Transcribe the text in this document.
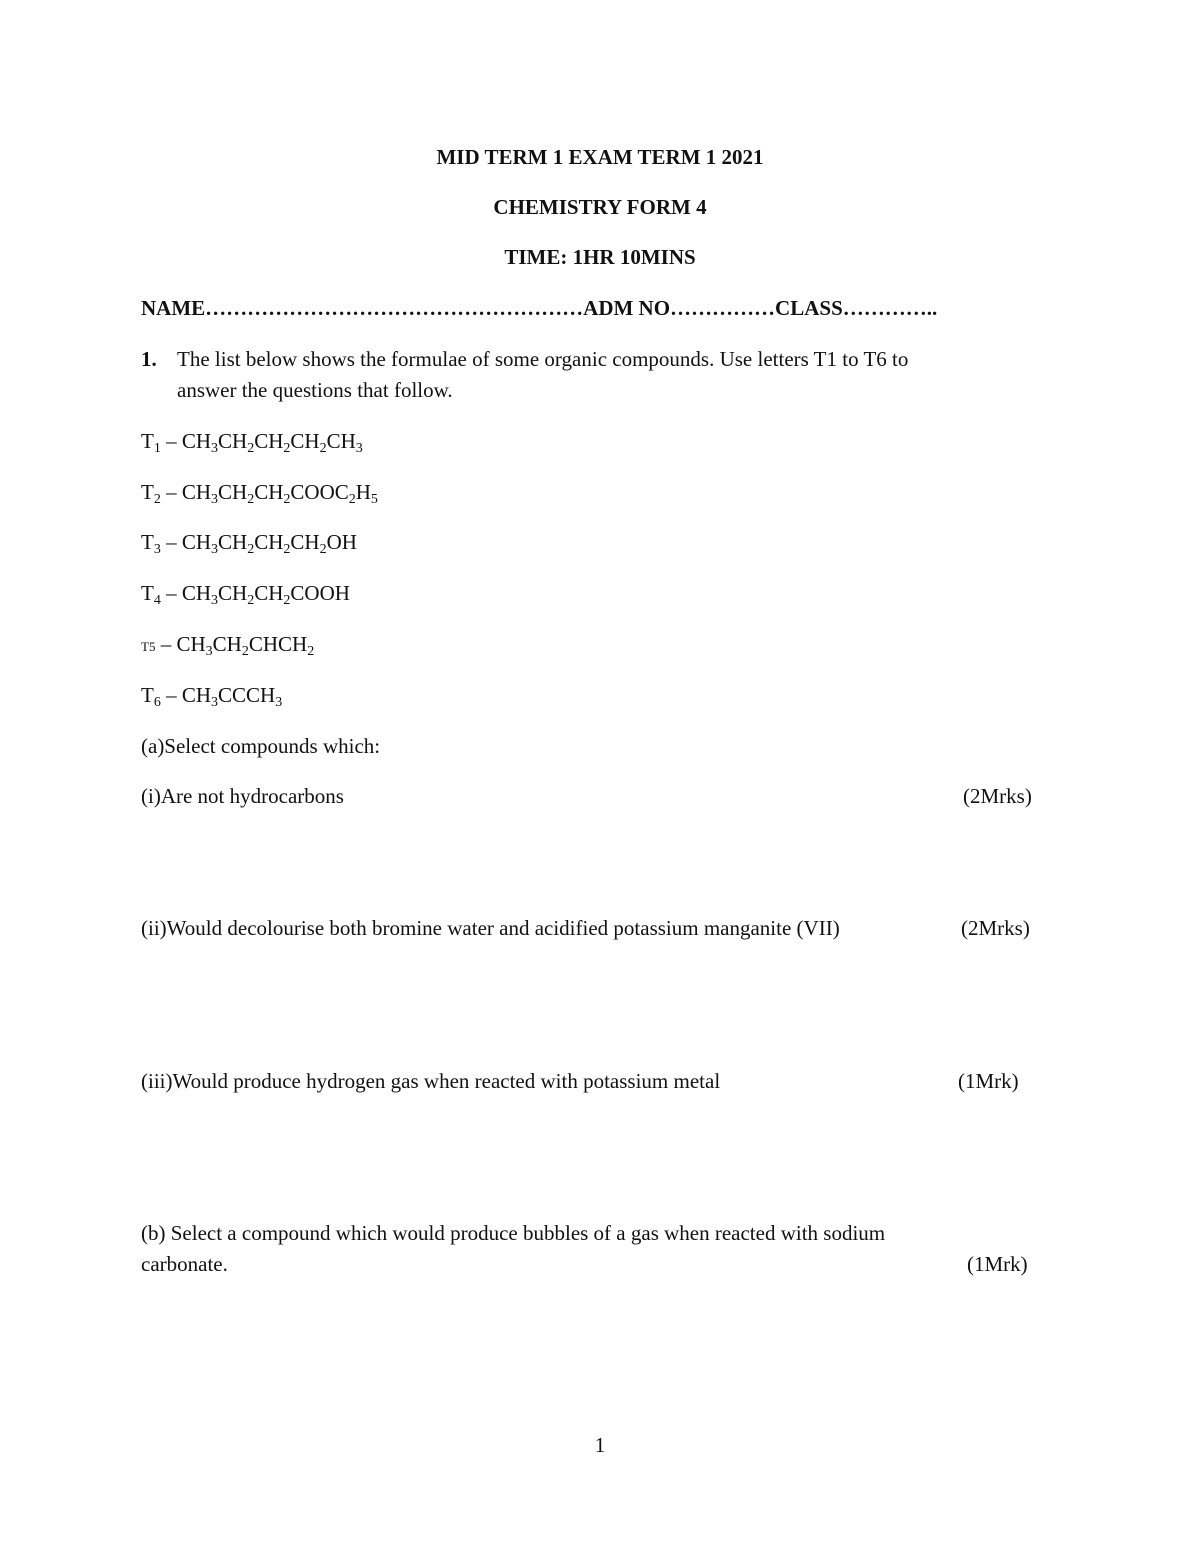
MID TERM 1 EXAM TERM 1 2021
CHEMISTRY FORM 4
TIME: 1HR 10MINS
NAME………………………………………………ADM NO……………CLASS…………..
1. The list below shows the formulae of some organic compounds. Use letters T1 to T6 to
answer the questions that follow.
$T_1 - CH_3CH_2CH_2CH_2CH_3$
$T_2$ – $CH_3CH_2CH_2COOC_2H_5$
$T_3 - CH_3CH_2CH_2CH_2OH$
$T_4$ – $CH_3CH_2CH_2COOH$
$T5 - CH_3CH_2CHCH_2$
$T_6$ – $CH_3CCCH_3$
(a)Select compounds which:
(i)Are not hydrocarbons	(2Mrks)
(ii)Would decolourise both bromine water and acidified potassium manganite (VII)	(2Mrks)
(iii)Would produce hydrogen gas when reacted with potassium metal	(1Mrk)
(b) Select a compound which would produce bubbles of a gas when reacted with sodium
carbonate.	(1Mrk)
1
